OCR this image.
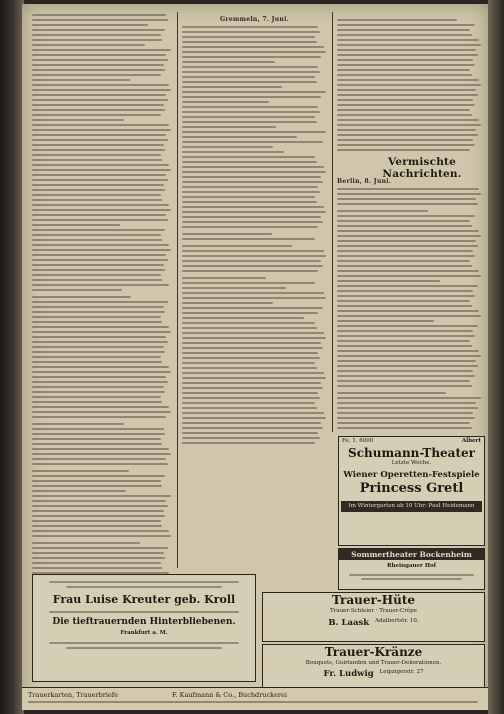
Gremmeln, 7. Juni.
Vermischte Nachrichten.
Berlin, 8. Juni.
Fe. 1. 6000	Albert
Schumann-Theater
Letzte Woche.
Wiener Operetten-Festspiele
Princess Gretl
Im Wintergarten ab 10 Uhr: Paul Heidemann
Sommertheater Bockenheim
Rheingauer Hof
Frau Luise Kreuter geb. Kroll
Die tieftrauernden Hinterbliebenen.
Frankfurt a. M.
Trauer-Hüte
Trauer-Schleier · Trauer-Crêpe
B. Laask Adalbertstr. 10.
Trauer-Kränze
Bouquets, Guirlanden und Trauer-Dekorationen.
Fr. Ludwig Leipzigerstr. 27
Trauerkarten, Trauerbriefe	F. Kaufmann & Co., Buchdruckerei
